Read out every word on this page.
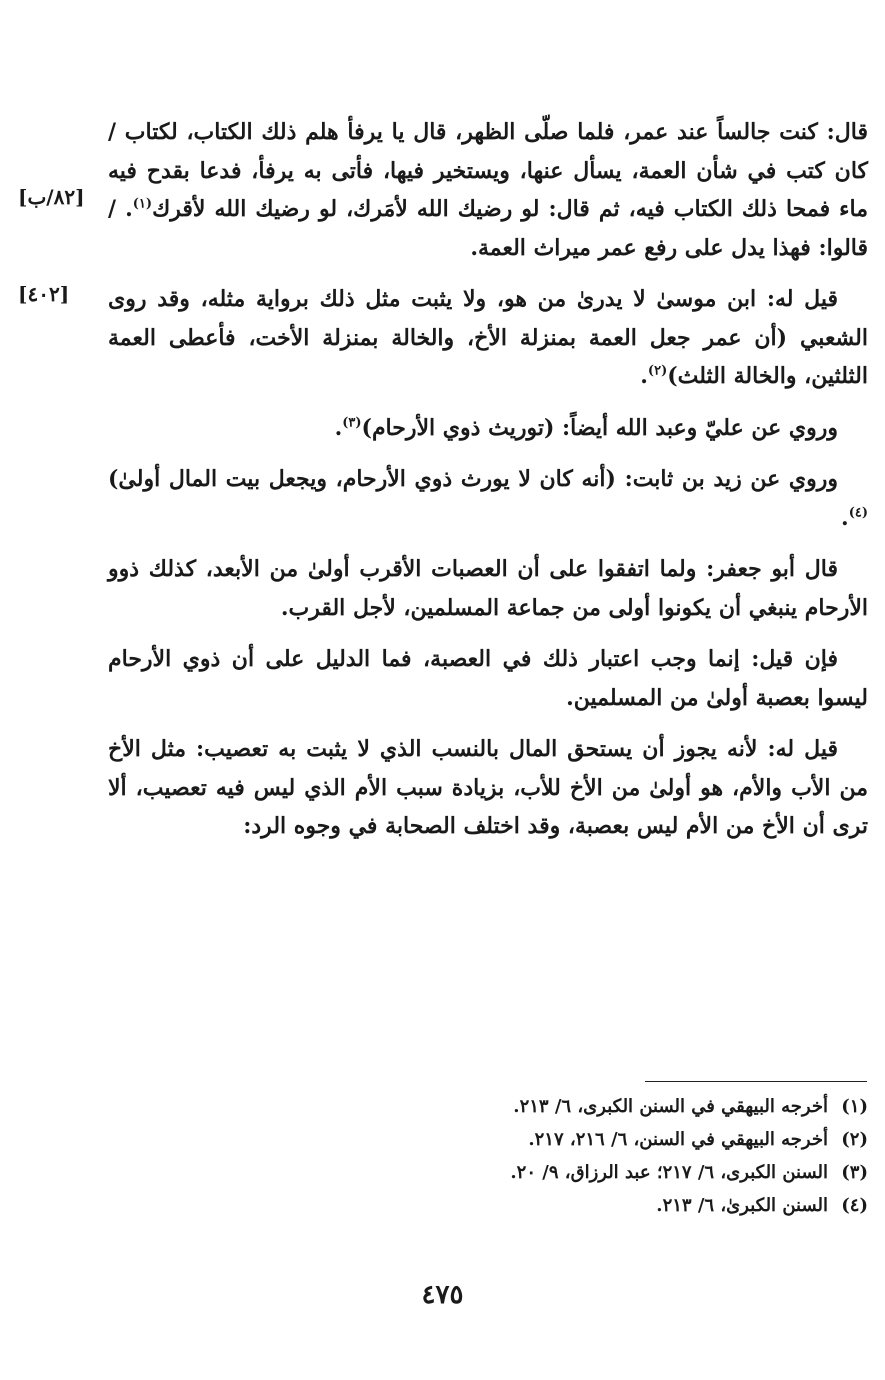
قال: كنت جالساً عند عمر، فلما صلّى الظهر، قال يا يرفأ هلم ذلك الكتاب، لكتاب / كان كتب في شأن العمة، يسأل عنها، ويستخير فيها، فأتى به يرفأ، فدعا بقدح فيه ماء فمحا ذلك الكتاب فيه، ثم قال: لو رضيك الله لأمَرك، لو رضيك الله لأقرك$^{(١)}$. / قالوا: فهذا يدل على رفع عمر ميراث العمة.

قيل له: ابن موسىٰ لا يدرىٰ من هو، ولا يثبت مثل ذلك برواية مثله، وقد روى الشعبي (أن عمر جعل العمة بمنزلة الأخ، والخالة بمنزلة الأخت، فأعطى العمة الثلثين، والخالة الثلث)$^{(٢)}$.

وروي عن عليّ وعبد الله أيضاً: (توريث ذوي الأرحام)$^{(٣)}$.

وروي عن زيد بن ثابت: (أنه كان لا يورث ذوي الأرحام، ويجعل بيت المال أولىٰ)$^{(٤)}$.

قال أبو جعفر: ولما اتفقوا على أن العصبات الأقرب أولىٰ من الأبعد، كذلك ذوو الأرحام ينبغي أن يكونوا أولى من جماعة المسلمين، لأجل القرب.

فإن قيل: إنما وجب اعتبار ذلك في العصبة، فما الدليل على أن ذوي الأرحام ليسوا بعصبة أولىٰ من المسلمين.

قيل له: لأنه يجوز أن يستحق المال بالنسب الذي لا يثبت به تعصيب: مثل الأخ من الأب والأم، هو أولىٰ من الأخ للأب، بزيادة سبب الأم الذي ليس فيه تعصيب، ألا ترى أن الأخ من الأم ليس بعصبة، وقد اختلف الصحابة في وجوه الرد:

[٨٢/ب]
[٤٠٢]
(١)أخرجه البيهقي في السنن الكبرى، ٦/ ٢١٣.
(٢)أخرجه البيهقي في السنن، ٦/ ٢١٦، ٢١٧.
(٣)السنن الكبرى، ٦/ ٢١٧؛ عبد الرزاق، ٩/ ٢٠.
(٤)السنن الكبرىٰ، ٦/ ٢١٣.
٤٧٥
